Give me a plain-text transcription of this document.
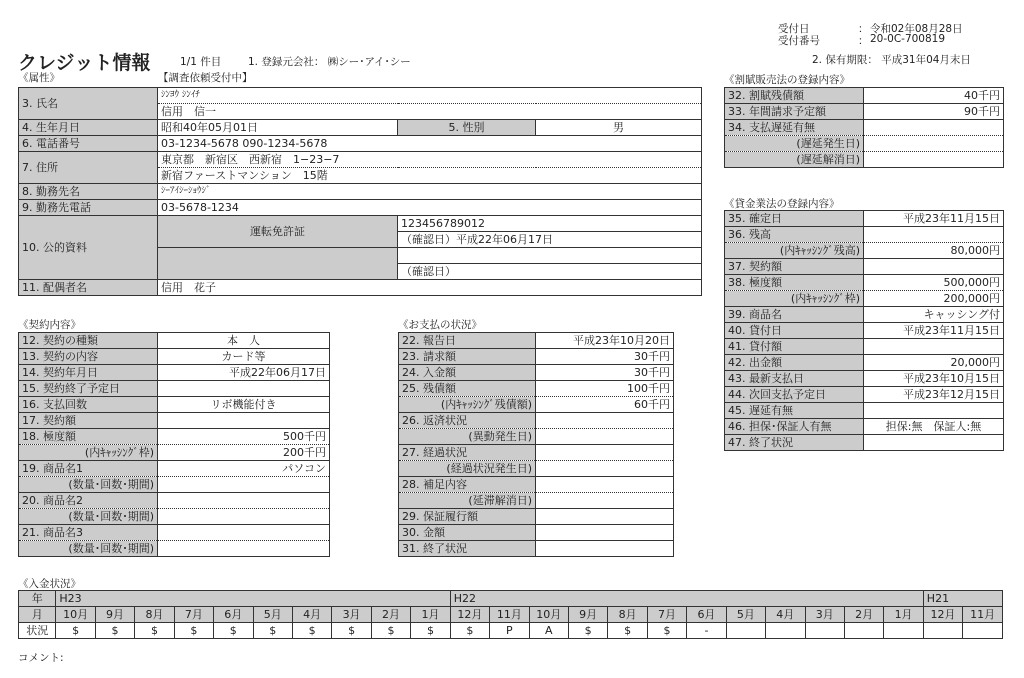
クレジット情報	1/1 件目	1. 登録元会社： ㈱シー･アイ･シー
受付日	： 令和02年08月28日
受付番号	： 20-0C-700819
2. 保有期限： 平成31年04月末日
《属性》	【調査依頼受付中】
3. 氏名	ｼﾝﾖｳ ｼﾝｲﾁ		
	信用　信一		
4. 生年月日	昭和40年05月01日	5. 性別	男
6. 電話番号	03-1234-5678 090-1234-5678		
7. 住所	東京都　新宿区　西新宿　1−23−7		
	新宿ファーストマンション　15階		
8. 勤務先名	ｼｰｱｲｼｰｼｮｳｼﾞ		
9. 勤務先電話	03-5678-1234		
10. 公的資料	運転免許証	123456789012	
		（確認日）平成22年06月17日	

		（確認日）	
11. 配偶者名	信用　花子		
《契約内容》
12. 契約の種類	本　人
13. 契約の内容	カード等
14. 契約年月日	平成22年06月17日
15. 契約終了予定日	
16. 支払回数	リボ機能付き
17. 契約額	
18. 極度額	500千円
(内ｷｬｯｼﾝｸﾞ枠)	200千円
19. 商品名1	パソコン
(数量･回数･期間)	
20. 商品名2	
(数量･回数･期間)	
21. 商品名3	
(数量･回数･期間)	
《お支払の状況》
22. 報告日	平成23年10月20日
23. 請求額	30千円
24. 入金額	30千円
25. 残債額	100千円
(内ｷｬｯｼﾝｸﾞ残債額)	60千円
26. 返済状況	
(異動発生日)	
27. 経過状況	
(経過状況発生日)	
28. 補足内容	
(延滞解消日)	
29. 保証履行額	
30. 金額	
31. 終了状況	
《割賦販売法の登録内容》
32. 割賦残債額	40千円
33. 年間請求予定額	90千円
34. 支払遅延有無	
(遅延発生日)	
(遅延解消日)	
《貸金業法の登録内容》
35. 確定日	平成23年11月15日
36. 残高	
(内ｷｬｯｼﾝｸﾞ残高)	80,000円
37. 契約額	
38. 極度額	500,000円
(内ｷｬｯｼﾝｸﾞ枠)	200,000円
39. 商品名	キャッシング付
40. 貸付日	平成23年11月15日
41. 貸付額	
42. 出金額	20,000円
43. 最新支払日	平成23年10月15日
44. 次回支払予定日	平成23年12月15日
45. 遅延有無	
46. 担保･保証人有無	担保:無　保証人:無
47. 終了状況	
《入金状況》
年	H23										H22												H21	
月	10月	9月	8月	7月	6月	5月	4月	3月	2月	1月	12月	11月	10月	9月	8月	7月	6月	5月	4月	3月	2月	1月	12月	11月
状況	$	$	$	$	$	$	$	$	$	$	$	P	A	$	$	$	-							
コメント:
